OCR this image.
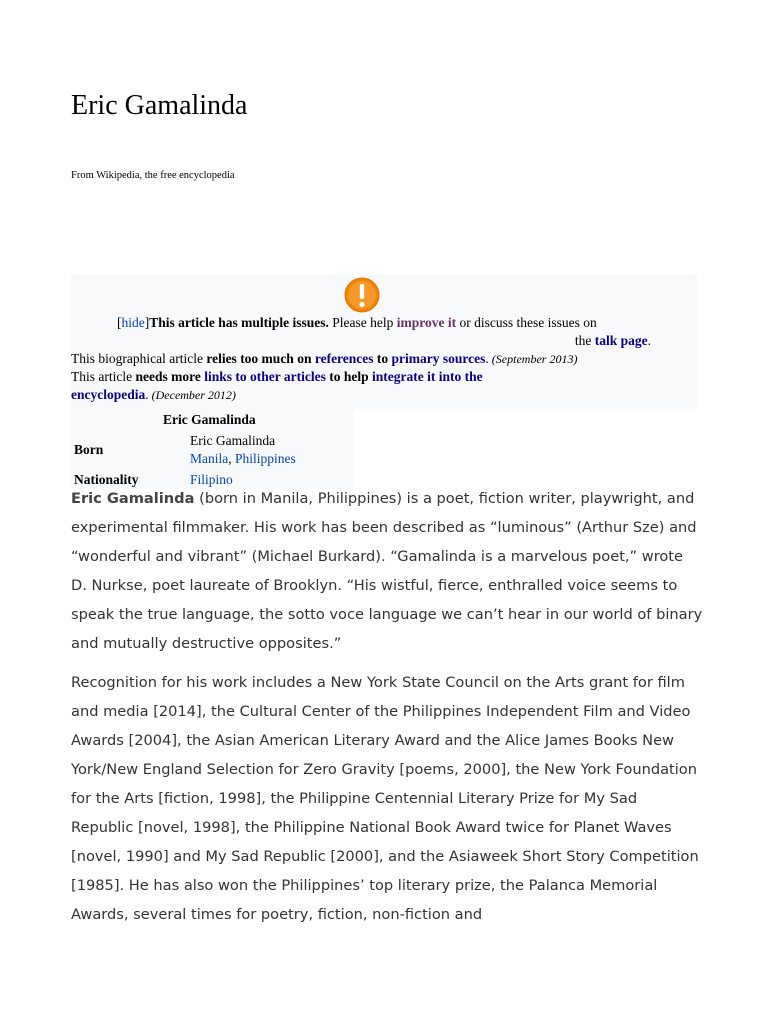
Eric Gamalinda
From Wikipedia, the free encyclopedia
[hide]This article has multiple issues. Please help improve it or discuss these issues on
the talk page.
This biographical article relies too much on references to primary sources. (September 2013)
This article needs more links to other articles to help integrate it into the encyclopedia. (December 2012)
Eric Gamalinda
Born
Eric Gamalinda
Manila, Philippines
Nationality	Filipino

Eric Gamalinda (born in Manila, Philippines) is a poet, fiction writer, playwright, and experimental filmmaker. His work has been described as “luminous” (Arthur Sze) and “wonderful and vibrant” (Michael Burkard). “Gamalinda is a marvelous poet,” wrote D. Nurkse, poet laureate of Brooklyn. “His wistful, fierce, enthralled voice seems to speak the true language, the sotto voce language we can’t hear in our world of binary and mutually destructive opposites.”

Recognition for his work includes a New York State Council on the Arts grant for film and media [2014], the Cultural Center of the Philippines Independent Film and Video Awards [2004], the Asian American Literary Award and the Alice James Books New York/New England Selection for Zero Gravity [poems, 2000], the New York Foundation for the Arts [fiction, 1998], the Philippine Centennial Literary Prize for My Sad Republic [novel, 1998], the Philippine National Book Award twice for Planet Waves [novel, 1990] and My Sad Republic [2000], and the Asiaweek Short Story Competition [1985]. He has also won the Philippines’ top literary prize, the Palanca Memorial Awards, several times for poetry, fiction, non-fiction and
